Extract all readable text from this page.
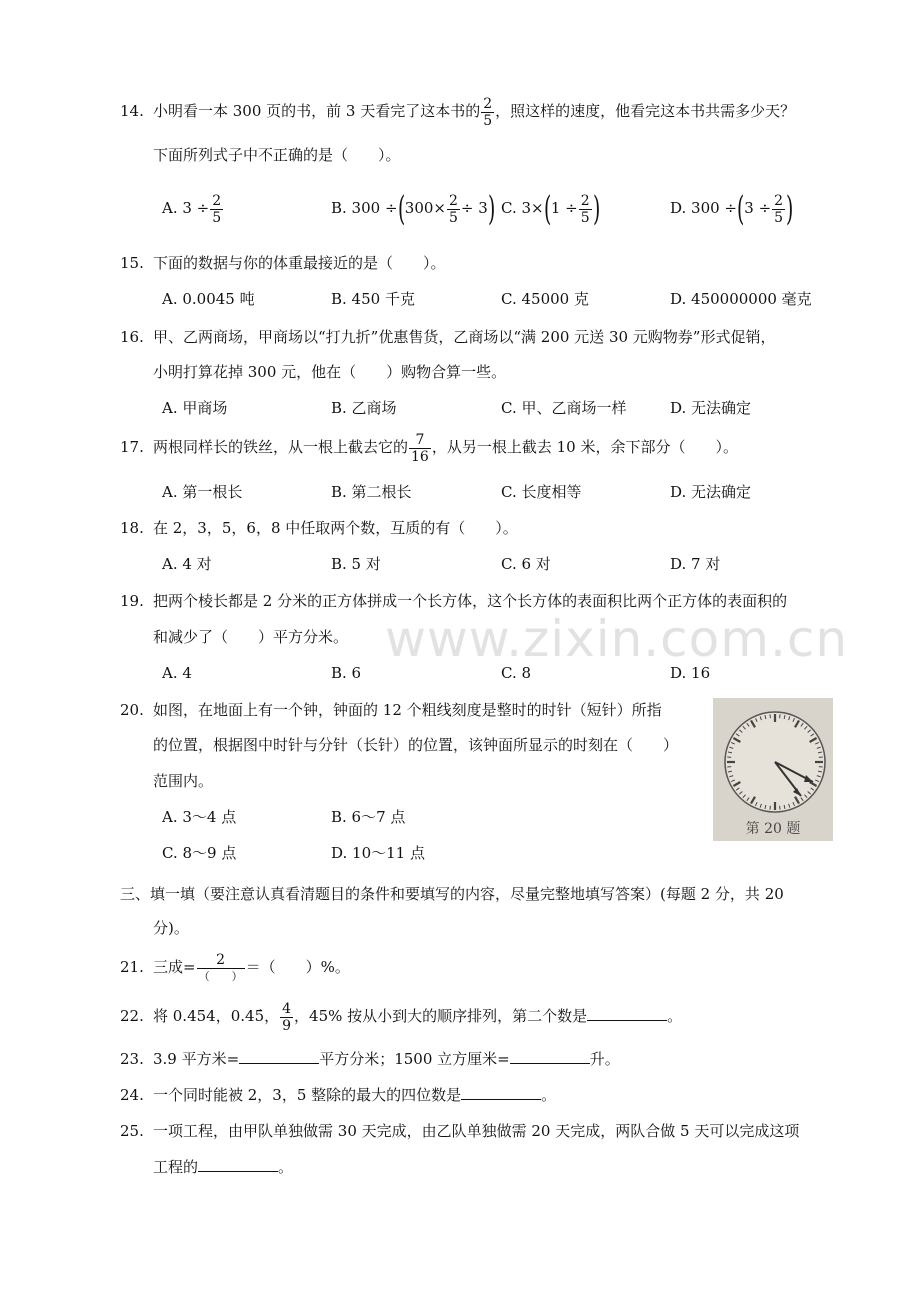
www.zixin.com.cn
14. 小明看一本 300 页的书，前 3 天看完了这本书的 $\frac{2}{5}$ ，照这样的速度，他看完这本书共需多少天？
下面所列式子中不正确的是（　　）。
A. $3 \div \frac{2}{5}$	B. $300 \div(300\times \frac{2}{5} \div 3)$ C. $3\times(1 \div \frac{2}{5}$ )	D. $300 \div(3 \div \frac{2}{5}$ )
15. 下面的数据与你的体重最接近的是（　　）。
A. 0.0045 吨	B. 450 千克	C. 45000 克	D. 450000000 毫克
16. 甲、乙两商场，甲商场以“打九折”优惠售货，乙商场以“满 200 元送 30 元购物券”形式促销，
小明打算花掉 300 元，他在（　　）购物合算一些。
A. 甲商场	B. 乙商场	C. 甲、乙商场一样	D. 无法确定
17. 两根同样长的铁丝，从一根上截去它的 $\frac{7}{16}$ ，从另一根上截去 10 米，余下部分（　　）。
A. 第一根长	B. 第二根长	C. 长度相等	D. 无法确定
18. 在 2，3，5，6，8 中任取两个数，互质的有（　　）。
A. 4 对	B. 5 对	C. 6 对	D. 7 对
19. 把两个棱长都是 2 分米的正方体拼成一个长方体，这个长方体的表面积比两个正方体的表面积的
和减少了（　　）平方分米。
A. 4	B. 6	C. 8	D. 16
20. 如图，在地面上有一个钟，钟面的 12 个粗线刻度是整时的时针（短针）所指
的位置，根据图中时针与分针（长针）的位置，该钟面所显示的时刻在（　　）
范围内。
A. 3～4 点	B. 6～7 点
C. 8～9 点	D. 10～11 点
第 20 题
三、填一填（要注意认真看清题目的条件和要填写的内容，尽量完整地填写答案）(每题 2 分，共 20
分)。
21. 三成= $\frac{2}{( )}$ ＝（　　）%。
22. 将 0.454，0.45̇， $\frac{4}{9}$ ，45% 按从小到大的顺序排列，第二个数是	。
23. 3.9 平方米=	平方分米；1500 立方厘米=	升。
24. 一个同时能被 2，3，5 整除的最大的四位数是	。
25. 一项工程，由甲队单独做需 30 天完成，由乙队单独做需 20 天完成，两队合做 5 天可以完成这项
工程的	。
